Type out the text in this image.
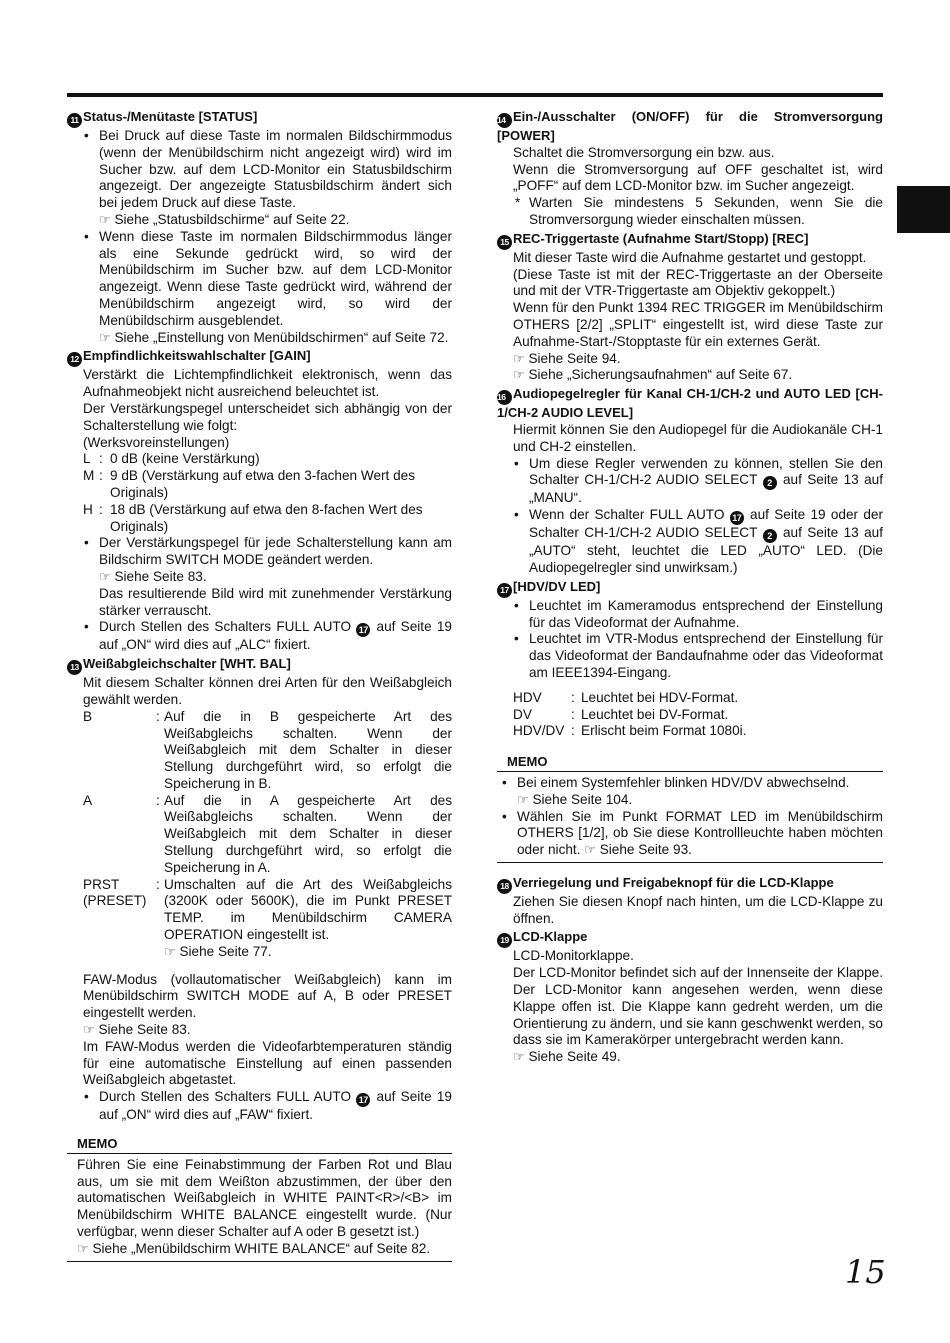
11 Status-/Menütaste [STATUS]
• Bei Druck auf diese Taste im normalen Bildschirmmodus (wenn der Menübildschirm nicht angezeigt wird) wird im Sucher bzw. auf dem LCD-Monitor ein Statusbildschirm angezeigt. Der angezeigte Statusbildschirm ändert sich bei jedem Druck auf diese Taste.
☞ Siehe „Statusbildschirme“ auf Seite 22.
• Wenn diese Taste im normalen Bildschirmmodus länger als eine Sekunde gedrückt wird, so wird der Menübildschirm im Sucher bzw. auf dem LCD-Monitor angezeigt. Wenn diese Taste gedrückt wird, während der Menübildschirm angezeigt wird, so wird der Menübildschirm ausgeblendet.
☞ Siehe „Einstellung von Menübildschirmen“ auf Seite 72.
12 Empfindlichkeitswahlschalter [GAIN]

Verstärkt die Lichtempfindlichkeit elektronisch, wenn das Aufnahmeobjekt nicht ausreichend beleuchtet ist.

Der Verstärkungspegel unterscheidet sich abhängig von der Schalterstellung wie folgt:

(Werksvoreinstellungen)

L : 0 dB (keine Verstärkung)
M : 9 dB (Verstärkung auf etwa den 3-fachen Wert des Originals)
H : 18 dB (Verstärkung auf etwa den 8-fachen Wert des Originals)
• Der Verstärkungspegel für jede Schalterstellung kann am Bildschirm SWITCH MODE geändert werden.
☞ Siehe Seite 83.
Das resultierende Bild wird mit zunehmender Verstärkung stärker verrauscht.
• Durch Stellen des Schalters FULL AUTO 17 auf Seite 19 auf „ON“ wird dies auf „ALC“ fixiert.
13 Weißabgleichschalter [WHT. BAL]

Mit diesem Schalter können drei Arten für den Weißabgleich gewählt werden.

B	: Auf die in B gespeicherte Art des Weißabgleichs schalten. Wenn der Weißabgleich mit dem Schalter in dieser Stellung durchgeführt wird, so erfolgt die Speicherung in B.
A	: Auf die in A gespeicherte Art des Weißabgleichs schalten. Wenn der Weißabgleich mit dem Schalter in dieser Stellung durchgeführt wird, so erfolgt die Speicherung in A.
PRST (PRESET)
: Umschalten auf die Art des Weißabgleichs (3200K oder 5600K), die im Punkt PRESET TEMP. im Menübildschirm CAMERA OPERATION eingestellt ist.
☞ Siehe Seite 77.

FAW-Modus (vollautomatischer Weißabgleich) kann im Menübildschirm SWITCH MODE auf A, B oder PRESET eingestellt werden.

☞ Siehe Seite 83.

Im FAW-Modus werden die Videofarbtemperaturen ständig für eine automatische Einstellung auf einen passenden Weißabgleich abgetastet.

• Durch Stellen des Schalters FULL AUTO 17 auf Seite 19 auf „ON“ wird dies auf „FAW“ fixiert.
MEMO

Führen Sie eine Feinabstimmung der Farben Rot und Blau aus, um sie mit dem Weißton abzustimmen, der über den automatischen Weißabgleich in WHITE PAINT<R>/<B> im Menübildschirm WHITE BALANCE eingestellt wurde. (Nur verfügbar, wenn dieser Schalter auf A oder B gesetzt ist.)

☞ Siehe „Menübildschirm WHITE BALANCE“ auf Seite 82.

14 Ein-/Ausschalter (ON/OFF) für die Stromversorgung [POWER]

Schaltet die Stromversorgung ein bzw. aus.

Wenn die Stromversorgung auf OFF geschaltet ist, wird „POFF“ auf dem LCD-Monitor bzw. im Sucher angezeigt.

* Warten Sie mindestens 5 Sekunden, wenn Sie die Stromversorgung wieder einschalten müssen.
15 REC-Triggertaste (Aufnahme Start/Stopp) [REC]

Mit dieser Taste wird die Aufnahme gestartet und gestoppt.

(Diese Taste ist mit der REC-Triggertaste an der Oberseite und mit der VTR-Triggertaste am Objektiv gekoppelt.)

Wenn für den Punkt 1394 REC TRIGGER im Menübildschirm OTHERS [2/2] „SPLIT“ eingestellt ist, wird diese Taste zur Aufnahme-Start-/Stopptaste für ein externes Gerät.

☞ Siehe Seite 94.
☞ Siehe „Sicherungsaufnahmen“ auf Seite 67.
16 Audiopegelregler für Kanal CH-1/CH-2 und AUTO LED [CH-1/CH-2 AUDIO LEVEL]

Hiermit können Sie den Audiopegel für die Audiokanäle CH-1 und CH-2 einstellen.

• Um diese Regler verwenden zu können, stellen Sie den Schalter CH-1/CH-2 AUDIO SELECT 2 auf Seite 13 auf „MANU“.
• Wenn der Schalter FULL AUTO 17 auf Seite 19 oder der Schalter CH-1/CH-2 AUDIO SELECT 2 auf Seite 13 auf „AUTO“ steht, leuchtet die LED „AUTO“ LED. (Die Audiopegelregler sind unwirksam.)
17 [HDV/DV LED]
• Leuchtet im Kameramodus entsprechend der Einstellung für das Videoformat der Aufnahme.
• Leuchtet im VTR-Modus entsprechend der Einstellung für das Videoformat der Bandaufnahme oder das Videoformat am IEEE1394-Eingang.
HDV	: Leuchtet bei HDV-Format.
DV	: Leuchtet bei DV-Format.
HDV/DV : Erlischt beim Format 1080i.
MEMO
• Bei einem Systemfehler blinken HDV/DV abwechselnd.
☞ Siehe Seite 104.
• Wählen Sie im Punkt FORMAT LED im Menübildschirm OTHERS [1/2], ob Sie diese Kontrollleuchte haben möchten oder nicht. ☞ Siehe Seite 93.
18 Verriegelung und Freigabeknopf für die LCD-Klappe

Ziehen Sie diesen Knopf nach hinten, um die LCD-Klappe zu öffnen.

19 LCD-Klappe

LCD-Monitorklappe.

Der LCD-Monitor befindet sich auf der Innenseite der Klappe. Der LCD-Monitor kann angesehen werden, wenn diese Klappe offen ist. Die Klappe kann gedreht werden, um die Orientierung zu ändern, und sie kann geschwenkt werden, so dass sie im Kamerakörper untergebracht werden kann.

☞ Siehe Seite 49.
15
